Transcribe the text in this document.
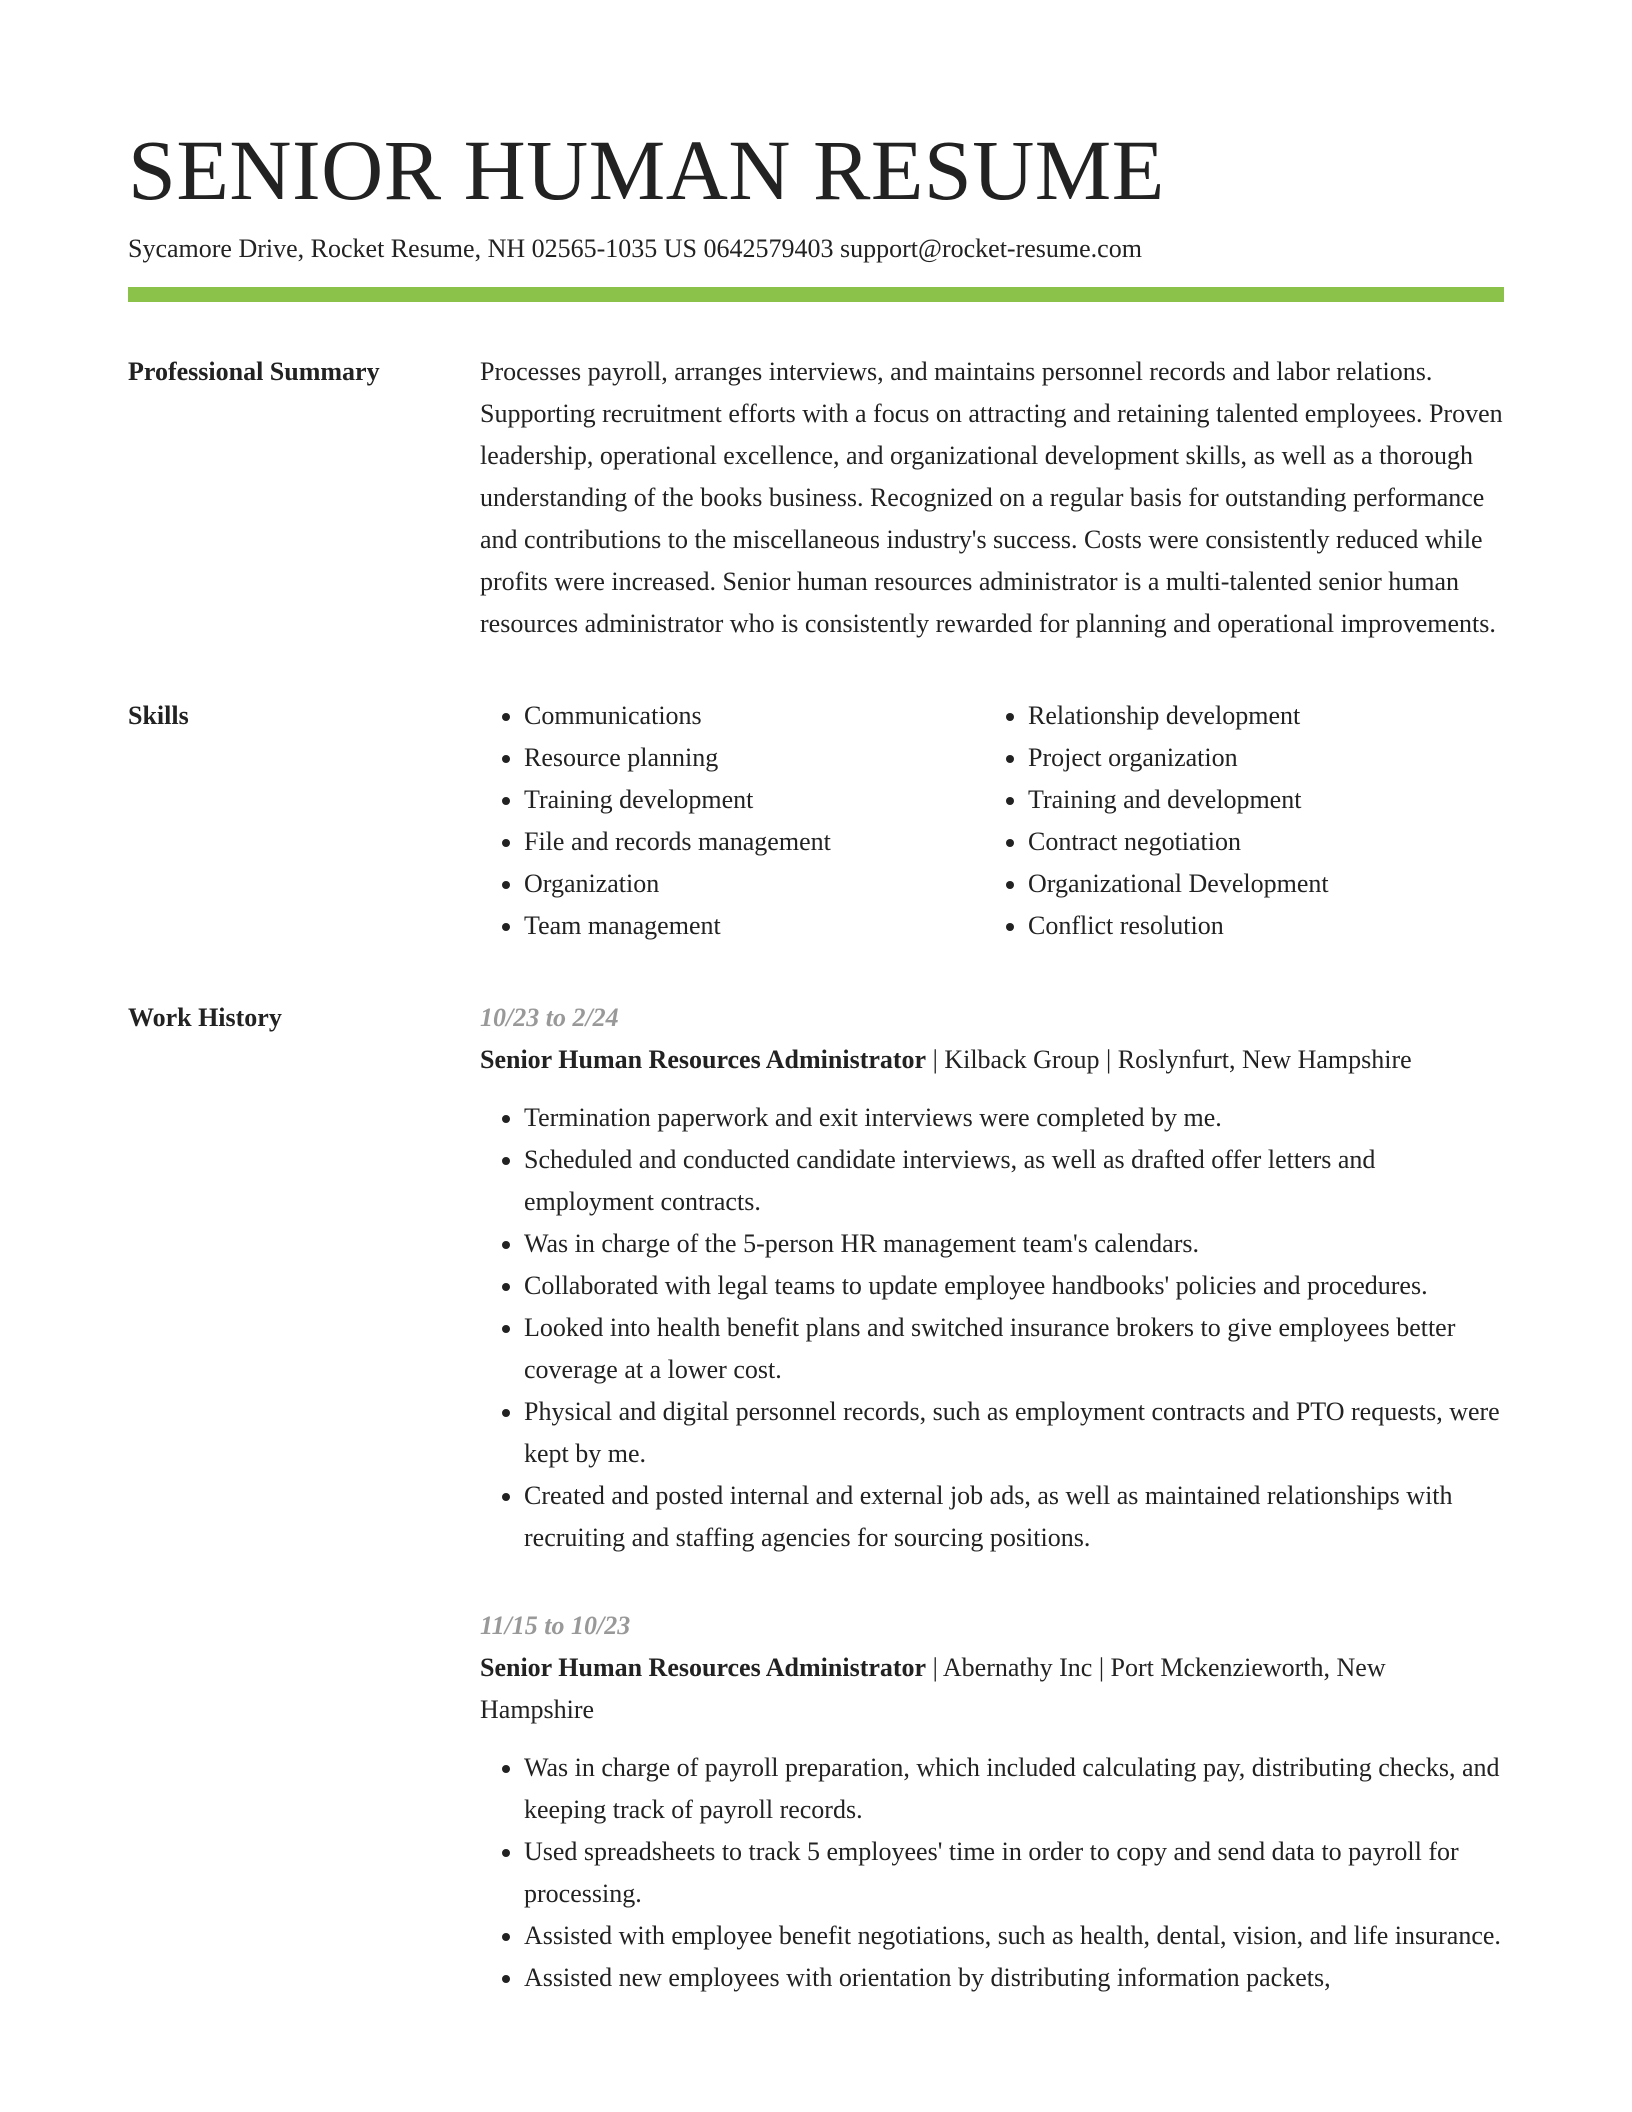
SENIOR HUMAN RESUME
Sycamore Drive, Rocket Resume, NH 02565-1035 US 0642579403 support@rocket-resume.com
Professional Summary	Processes payroll, arranges interviews, and maintains personnel records and labor relations. Supporting recruitment efforts with a focus on attracting and retaining talented employees. Proven leadership, operational excellence, and organizational development skills, as well as a thorough understanding of the books business. Recognized on a regular basis for outstanding performance and contributions to the miscellaneous industry's success. Costs were consistently reduced while profits were increased. Senior human resources administrator is a multi-talented senior human resources administrator who is consistently rewarded for planning and operational improvements.

Skills
•	Communications
• Resource planning
• Training development
• File and records management
• Organization
• Team management
• Relationship development
• Project organization
• Training and development
• Contract negotiation
• Organizational Development
• Conflict resolution
Work History	10/23 to 2/24
Senior Human Resources Administrator | Kilback Group | Roslynfurt, New Hampshire
• Termination paperwork and exit interviews were completed by me.
• Scheduled and conducted candidate interviews, as well as drafted offer letters and employment contracts.
• Was in charge of the 5-person HR management team's calendars.
• Collaborated with legal teams to update employee handbooks' policies and procedures.
• Looked into health benefit plans and switched insurance brokers to give employees better coverage at a lower cost.
• Physical and digital personnel records, such as employment contracts and PTO requests, were kept by me.
• Created and posted internal and external job ads, as well as maintained relationships with recruiting and staffing agencies for sourcing positions.
11/15 to 10/23
Senior Human Resources Administrator | Abernathy Inc | Port Mckenzieworth, New Hampshire
• Was in charge of payroll preparation, which included calculating pay, distributing checks, and keeping track of payroll records.
• Used spreadsheets to track 5 employees' time in order to copy and send data to payroll for processing.
• Assisted with employee benefit negotiations, such as health, dental, vision, and life insurance.
• Assisted new employees with orientation by distributing information packets,
